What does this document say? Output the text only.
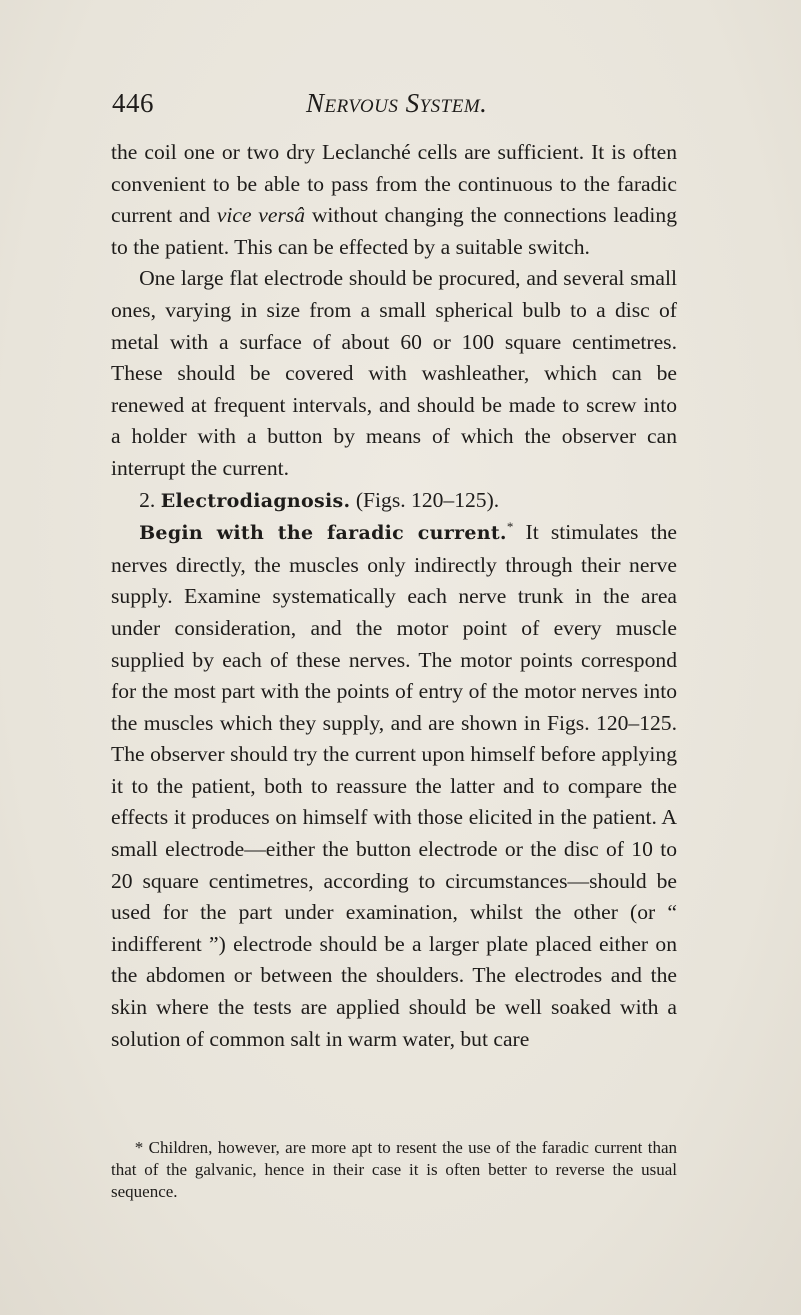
446	Nervous System.

the coil one or two dry Leclanché cells are sufficient. It is often convenient to be able to pass from the continuous to the faradic current and vice versâ without changing the connections leading to the patient. This can be effected by a suitable switch.

One large flat electrode should be procured, and several small ones, varying in size from a small spherical bulb to a disc of metal with a surface of about 60 or 100 square centimetres. These should be covered with washleather, which can be renewed at frequent intervals, and should be made to screw into a holder with a button by means of which the observer can interrupt the current.

2. Electrodiagnosis. (Figs. 120–125).

Begin with the faradic current.* It stimulates the nerves directly, the muscles only indirectly through their nerve supply. Examine systematically each nerve trunk in the area under consideration, and the motor point of every muscle supplied by each of these nerves. The motor points correspond for the most part with the points of entry of the motor nerves into the muscles which they supply, and are shown in Figs. 120–125. The observer should try the current upon himself before applying it to the patient, both to reassure the latter and to compare the effects it produces on himself with those elicited in the patient. A small electrode—either the button electrode or the disc of 10 to 20 square centimetres, according to circumstances—should be used for the part under examination, whilst the other (or “ indifferent ”) electrode should be a larger plate placed either on the abdomen or between the shoulders. The electrodes and the skin where the tests are applied should be well soaked with a solution of common salt in warm water, but care

* Children, however, are more apt to resent the use of the faradic current than that of the galvanic, hence in their case it is often better to reverse the usual sequence.
